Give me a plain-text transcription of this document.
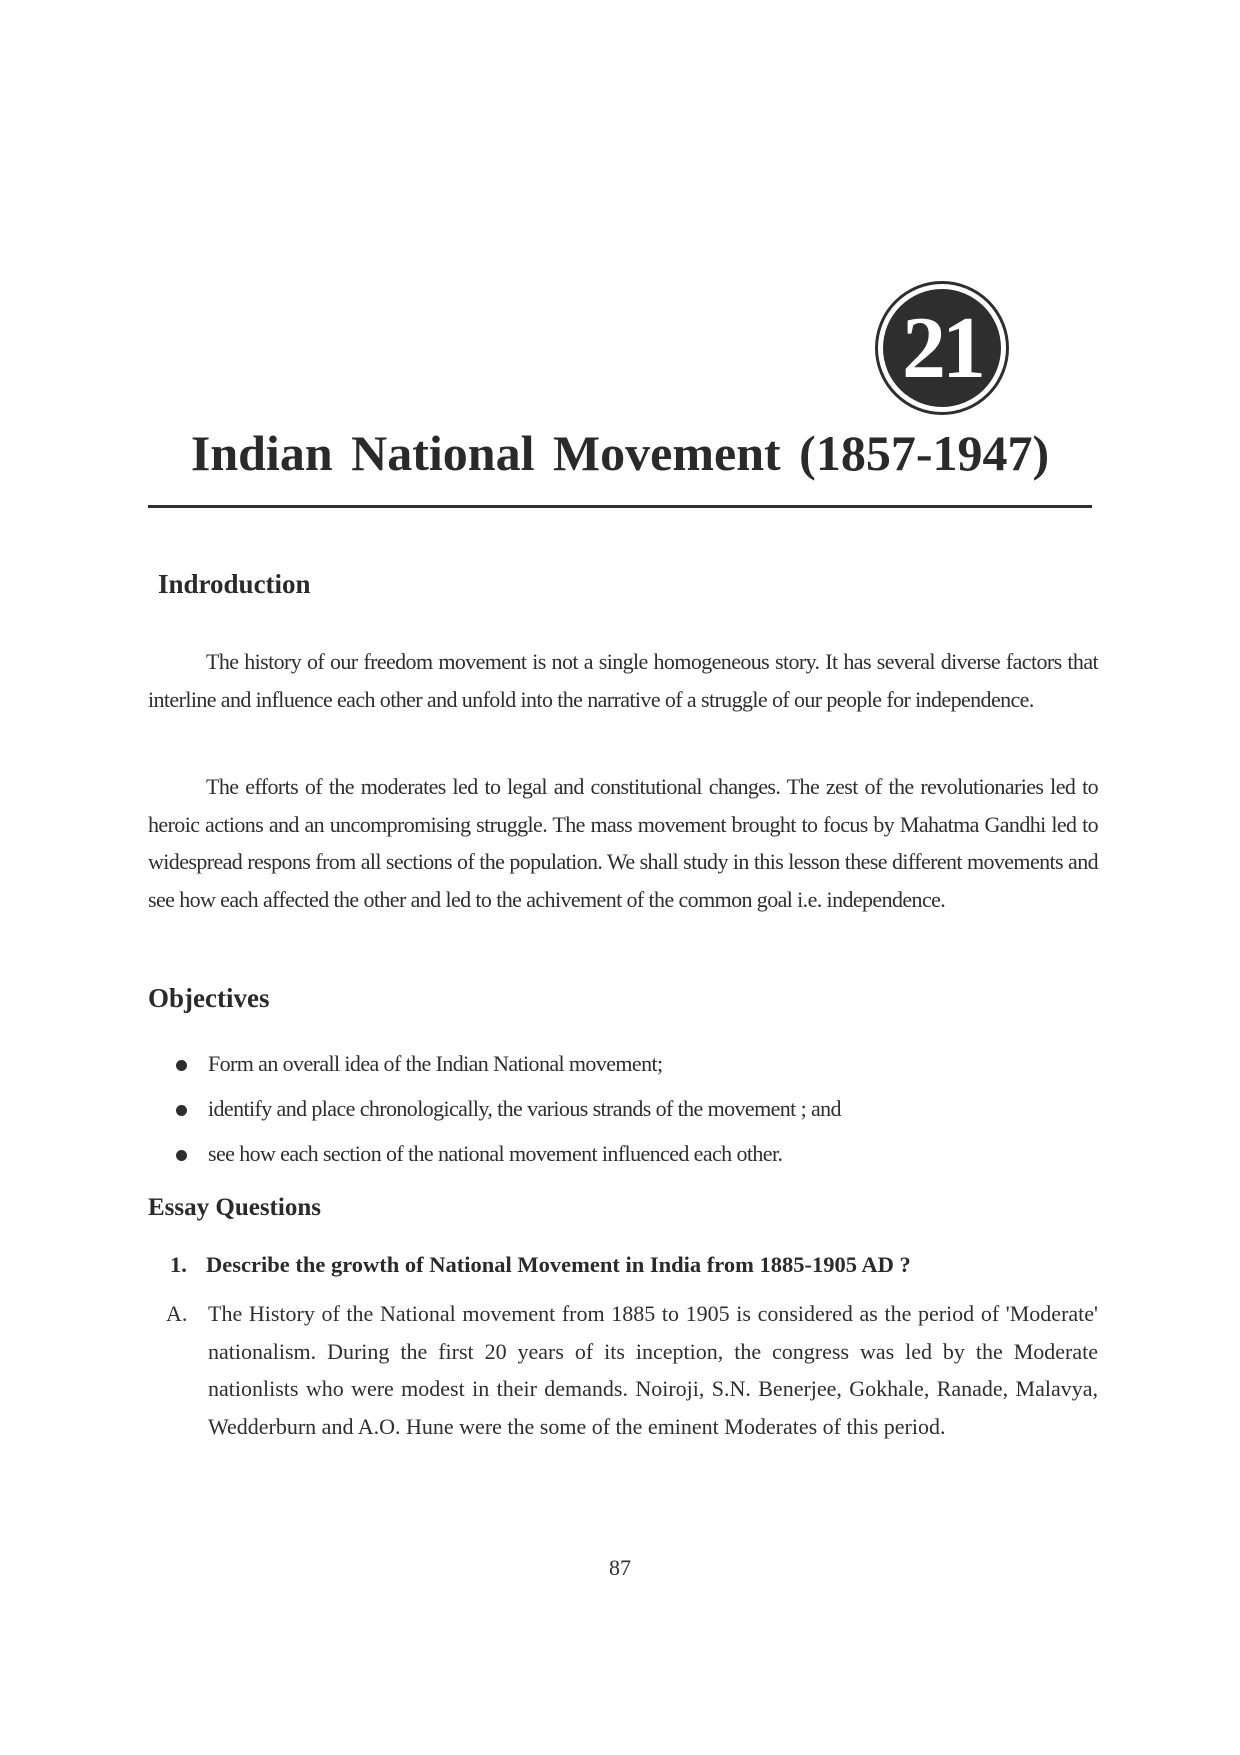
21
Indian National Movement (1857-1947)
Indroduction

The history of our freedom movement is not a single homogeneous story. It has several diverse factors that interline and influence each other and unfold into the narrative of a struggle of our people for independence.

The efforts of the moderates led to legal and constitutional changes. The zest of the revolutionaries led to heroic actions and an uncompromising struggle. The mass movement brought to focus by Mahatma Gandhi led to widespread respons from all sections of the population. We shall study in this lesson these different movements and see how each affected the other and led to the achivement of the common goal i.e. independence.

Objectives
Form an overall idea of the Indian National movement;
identify and place chronologically, the various strands of the movement ; and
see how each section of the national movement influenced each other.
Essay Questions

1. Describe the growth of National Movement in India from 1885-1905 AD ?

A. The History of the National movement from 1885 to 1905 is considered as the period of 'Moderate' nationalism. During the first 20 years of its inception, the congress was led by the Moderate nationlists who were modest in their demands. Noiroji, S.N. Benerjee, Gokhale, Ranade, Malavya, Wedderburn and A.O. Hune were the some of the eminent Moderates of this period.

87
